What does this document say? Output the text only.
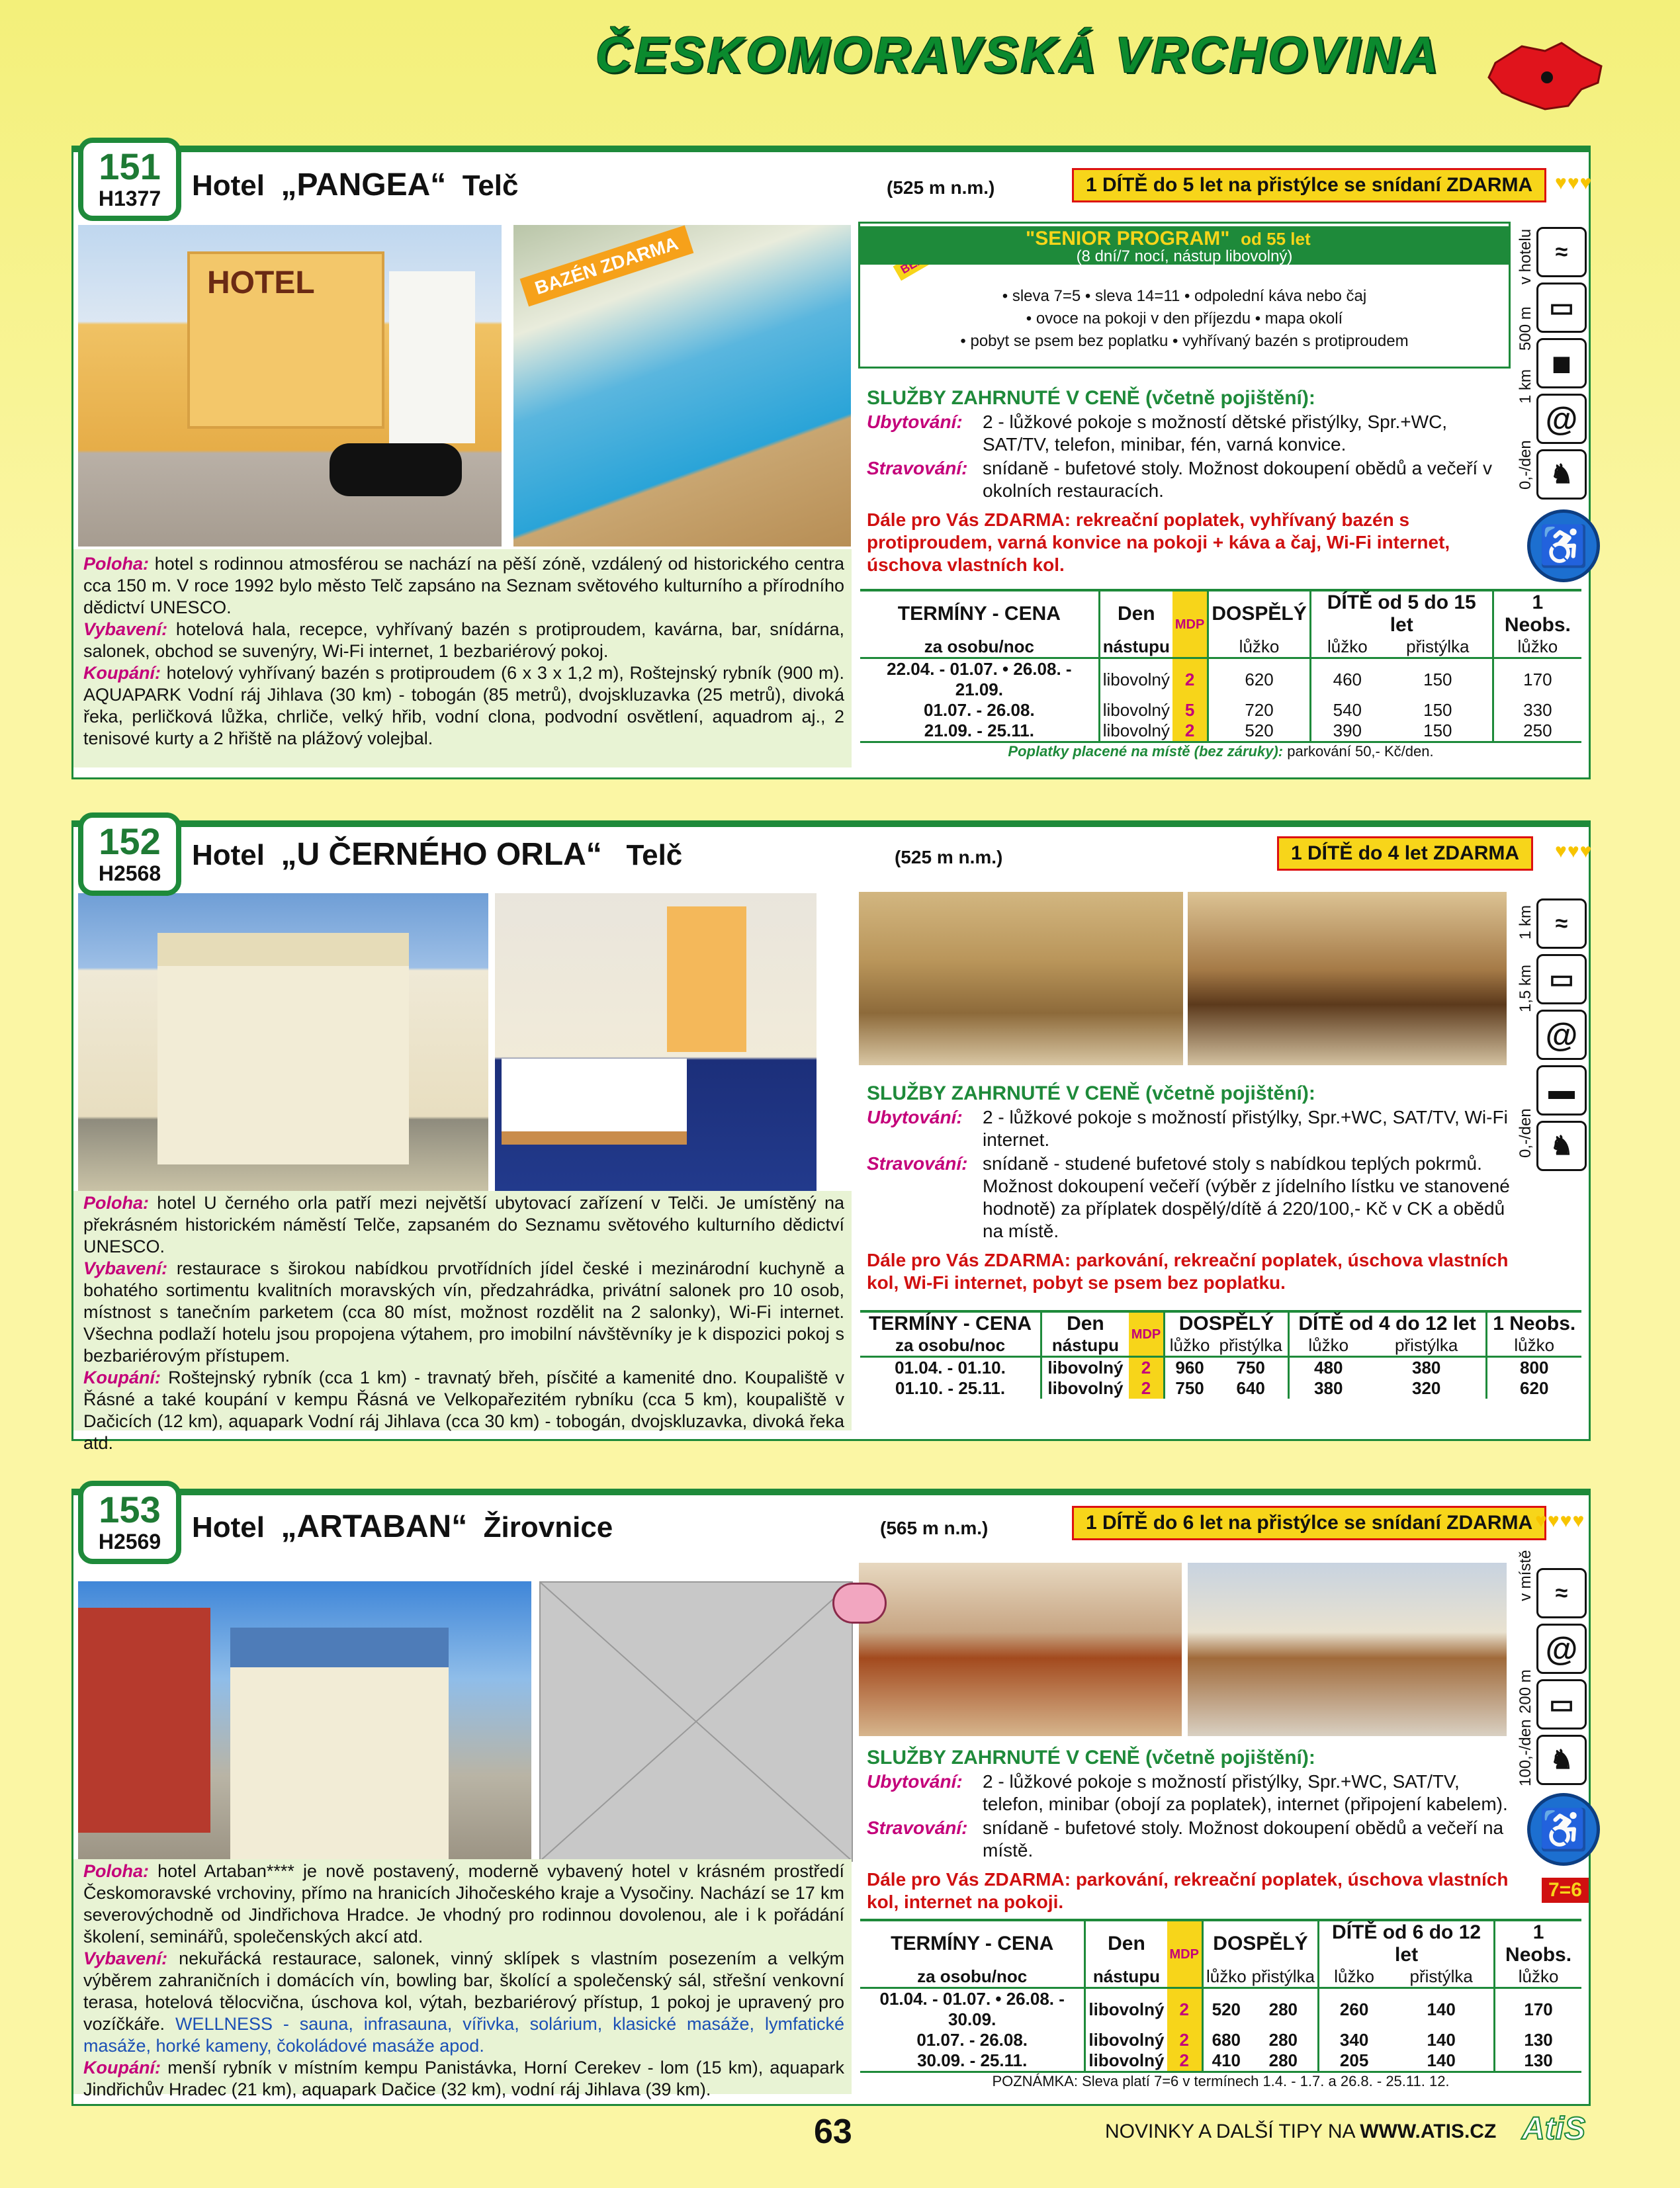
ČESKOMORAVSKÁ VRCHOVINA
151
H1377	Hotel „PANGEA“ Telč	(525 m n.m.)	1 DÍTĚ do 5 let na přistýlce se snídaní ZDARMA	♥♥♥
HOTEL	BAZÉN ZDARMA	"SENIOR PROGRAM" od 55 let
(8 dní/7 nocí, nástup libovolný)
• sleva 7=5 • sleva 14=11 • odpolední káva nebo čaj
• ovoce na pokoji v den příjezdu • mapa okolí
• pobyt se psem bez poplatku • vyhřívaný bazén s protiproudem
≈
▭
◼
@
♞
v hotelu
500 m
1 km
0,-/den
♿
Poloha: hotel s rodinnou atmosférou se nachází na pěší zóně, vzdálený od historického centra cca 150 m. V roce 1992 bylo město Telč zapsáno na Seznam světového kulturního a přírodního dědictví UNESCO.
Vybavení: hotelová hala, recepce, vyhřívaný bazén s protiproudem, kavárna, bar, snídárna, salonek, obchod se suvenýry, Wi-Fi internet, 1 bezbariérový pokoj.
Koupání: hotelový vyhřívaný bazén s protiproudem (6 x 3 x 1,2 m), Roštejnský rybník (900 m). AQUAPARK Vodní ráj Jihlava (30 km) - tobogán (85 metrů), dvojskluzavka (25 metrů), divoká řeka, perličková lůžka, chrliče, velký hřib, vodní clona, podvodní osvětlení, aquadrom aj., 2 tenisové kurty a 2 hřiště na plážový volejbal.
SLUŽBY ZAHRNUTÉ V CENĚ (včetně pojištění):
Ubytování:	2 - lůžkové pokoje s možností dětské přistýlky, Spr.+WC, SAT/TV, telefon, minibar, fén, varná konvice.
Stravování: snídaně - bufetové stoly. Možnost dokoupení obědů a večeří v okolních restauracích.
Dále pro Vás ZDARMA: rekreační poplatek, vyhřívaný bazén s protiproudem, varná konvice na pokoji + káva a čaj, Wi-Fi internet, úschova vlastních kol.
TERMÍNY - CENA	Den	MDP	DOSPĚLÝ	DÍTĚ od 5 do 15 let		1 Neobs.
za osobu/noc	nástupu		lůžko	lůžko	přistýlka	lůžko
22.04. - 01.07. • 26.08. - 21.09.	libovolný	2	620	460	150	170
01.07. - 26.08.	libovolný	5	720	540	150	330
21.09. - 25.11.	libovolný	2	520	390	150	250
Poplatky placené na místě (bez záruky): parkování 50,- Kč/den.						
152
H2568
Hotel „U ČERNÉHO ORLA“ Telč	(525 m n.m.)	1 DÍTĚ do 4 let ZDARMA	♥♥♥
≈
▭
@
▬
♞
1 km
1,5 km
0,-/den
Poloha: hotel U černého orla patří mezi největší ubytovací zařízení v Telči. Je umístěný na překrásném historickém náměstí Telče, zapsaném do Seznamu světového kulturního dědictví UNESCO.
Vybavení: restaurace s širokou nabídkou prvotřídních jídel české i mezinárodní kuchyně a bohatého sortimentu kvalitních moravských vín, předzahrádka, privátní salonek pro 10 osob, místnost s tanečním parketem (cca 80 míst, možnost rozdělit na 2 salonky), Wi-Fi internet. Všechna podlaží hotelu jsou propojena výtahem, pro imobilní návštěvníky je k dispozici pokoj s bezbariérovým přístupem.
Koupání: Roštejnský rybník (cca 1 km) - travnatý břeh, písčité a kamenité dno. Koupaliště v Řásné a také koupání v kempu Řásná ve Velkopařezitém rybníku (cca 5 km), koupaliště v Dačicích (12 km), aquapark Vodní ráj Jihlava (cca 30 km) - tobogán, dvojskluzavka, divoká řeka atd.
SLUŽBY ZAHRNUTÉ V CENĚ (včetně pojištění):
Ubytování:	2 - lůžkové pokoje s možností přistýlky, Spr.+WC, SAT/TV, Wi-Fi internet.
Stravování: snídaně - studené bufetové stoly s nabídkou teplých pokrmů. Možnost dokoupení večeří (výběr z jídelního lístku ve stanovené hodnotě) za příplatek dospělý/dítě á 220/100,- Kč v CK a obědů na místě.
Dále pro Vás ZDARMA: parkování, rekreační poplatek, úschova vlastních kol, Wi-Fi internet, pobyt se psem bez poplatku.
TERMÍNY - CENA	Den	MDP	DOSPĚLÝ		DÍTĚ od 4 do 12 let		1 Neobs.
za osobu/noc	nástupu		lůžko	přistýlka	lůžko	přistýlka	lůžko
01.04. - 01.10.	libovolný	2	960	750	480	380	800
01.10. - 25.11.	libovolný	2	750	640	380	320	620
153
H2569	Hotel „ARTABAN“ Žirovnice	(565 m n.m.)	1 DÍTĚ do 6 let na přistýlce se snídaní ZDARMA ♥♥♥♥
≈
@
▭
♞
v místě
200 m
100,-/den
♿
7=6
Poloha: hotel Artaban**** je nově postavený, moderně vybavený hotel v krásném prostředí Českomoravské vrchoviny, přímo na hranicích Jihočeského kraje a Vysočiny. Nachází se 17 km severovýchodně od Jindřichova Hradce. Je vhodný pro rodinnou dovolenou, ale i k pořádání školení, seminářů, společenských akcí atd.
Vybavení: nekuřácká restaurace, salonek, vinný sklípek s vlastním posezením a velkým výběrem zahraničních i domácích vín, bowling bar, školící a společenský sál, střešní venkovní terasa, hotelová tělocvična, úschova kol, výtah, bezbariérový přístup, 1 pokoj je upravený pro vozíčkáře. WELLNESS - sauna, infrasauna, vířivka, solárium, klasické masáže, lymfatické masáže, horké kameny, čokoládové masáže apod.
Koupání: menší rybník v místním kempu Panistávka, Horní Cerekev - lom (15 km), aquapark Jindřichův Hradec (21 km), aquapark Dačice (32 km), vodní ráj Jihlava (39 km).
SLUŽBY ZAHRNUTÉ V CENĚ (včetně pojištění):
Ubytování:	2 - lůžkové pokoje s možností přistýlky, Spr.+WC, SAT/TV, telefon, minibar (obojí za poplatek), internet (připojení kabelem).
Stravování: snídaně - bufetové stoly. Možnost dokoupení obědů a večeří na místě.
Dále pro Vás ZDARMA: parkování, rekreační poplatek, úschova vlastních kol, internet na pokoji.
TERMÍNY - CENA	Den	MDP	DOSPĚLÝ		DÍTĚ od 6 do 12 let		1 Neobs.
za osobu/noc	nástupu		lůžko	přistýlka	lůžko	přistýlka	lůžko
01.04. - 01.07. • 26.08. - 30.09.	libovolný	2	520	280	260	140	170
01.07. - 26.08.	libovolný	2	680	280	340	140	130
30.09. - 25.11.	libovolný	2	410	280	205	140	130
POZNÁMKA: Sleva platí 7=6 v termínech 1.4. - 1.7. a 26.8. - 25.11. 12.							
63	NOVINKY A DALŠÍ TIPY NA WWW.ATIS.CZ AtiS
